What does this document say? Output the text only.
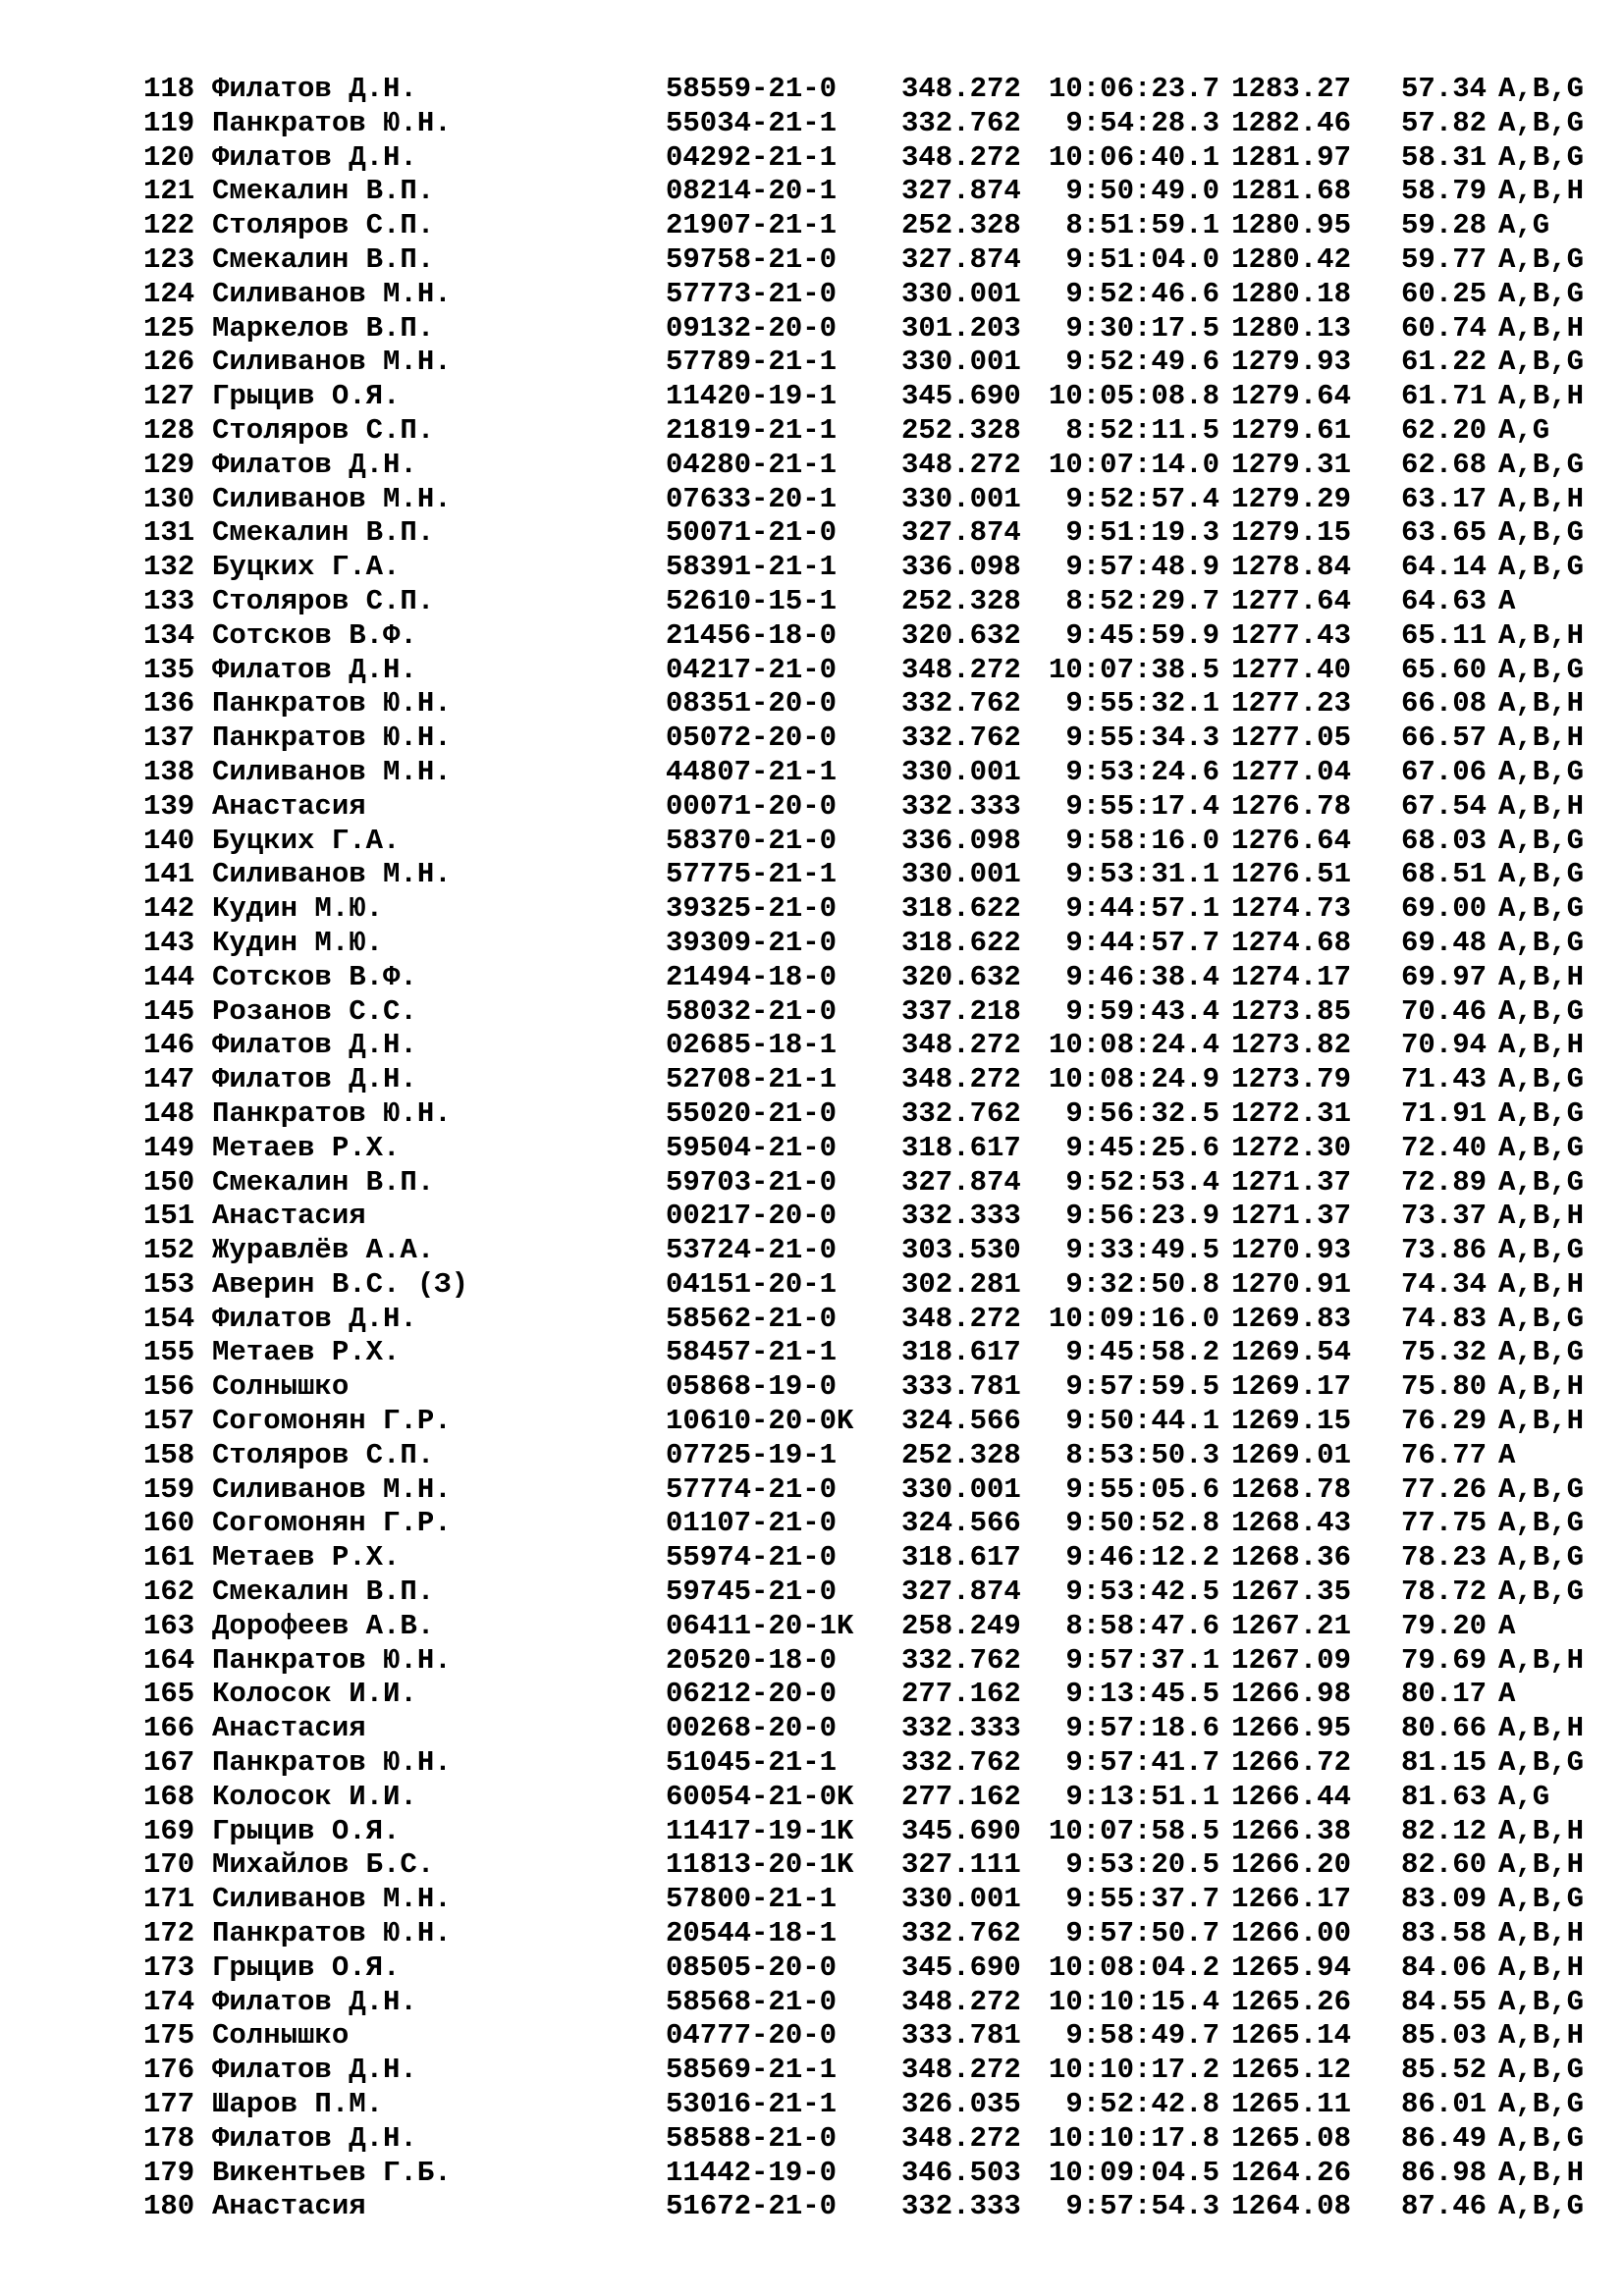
118 Филатов Д.Н.	58559-21-0 348.272 10:06:23.7 1283.27 57.34 A,B,G
119 Панкратов Ю.Н.	55034-21-1 332.762 9:54:28.3 1282.46 57.82 A,B,G
120 Филатов Д.Н.	04292-21-1 348.272 10:06:40.1 1281.97 58.31 A,B,G
121 Смекалин В.П.	08214-20-1 327.874 9:50:49.0 1281.68 58.79 A,B,H
122 Столяров С.П.	21907-21-1 252.328 8:51:59.1 1280.95 59.28 A,G
123 Смекалин В.П.	59758-21-0 327.874 9:51:04.0 1280.42 59.77 A,B,G
124 Силиванов М.Н.	57773-21-0 330.001 9:52:46.6 1280.18 60.25 A,B,G
125 Маркелов В.П.	09132-20-0 301.203 9:30:17.5 1280.13 60.74 A,B,H
126 Силиванов М.Н.	57789-21-1 330.001 9:52:49.6 1279.93 61.22 A,B,G
127 Грыцив О.Я.	11420-19-1 345.690 10:05:08.8 1279.64 61.71 A,B,H
128 Столяров С.П.	21819-21-1 252.328 8:52:11.5 1279.61 62.20 A,G
129 Филатов Д.Н.	04280-21-1 348.272 10:07:14.0 1279.31 62.68 A,B,G
130 Силиванов М.Н.	07633-20-1 330.001 9:52:57.4 1279.29 63.17 A,B,H
131 Смекалин В.П.	50071-21-0 327.874 9:51:19.3 1279.15 63.65 A,B,G
132 Буцких Г.А.	58391-21-1 336.098 9:57:48.9 1278.84 64.14 A,B,G
133 Столяров С.П.	52610-15-1 252.328 8:52:29.7 1277.64 64.63 A
134 Сотсков В.Ф.	21456-18-0 320.632 9:45:59.9 1277.43 65.11 A,B,H
135 Филатов Д.Н.	04217-21-0 348.272 10:07:38.5 1277.40 65.60 A,B,G
136 Панкратов Ю.Н.	08351-20-0 332.762 9:55:32.1 1277.23 66.08 A,B,H
137 Панкратов Ю.Н.	05072-20-0 332.762 9:55:34.3 1277.05 66.57 A,B,H
138 Силиванов М.Н.	44807-21-1 330.001 9:53:24.6 1277.04 67.06 A,B,G
139 Анастасия	00071-20-0 332.333 9:55:17.4 1276.78 67.54 A,B,H
140 Буцких Г.А.	58370-21-0 336.098 9:58:16.0 1276.64 68.03 A,B,G
141 Силиванов М.Н.	57775-21-1 330.001 9:53:31.1 1276.51 68.51 A,B,G
142 Кудин М.Ю.	39325-21-0 318.622 9:44:57.1 1274.73 69.00 A,B,G
143 Кудин М.Ю.	39309-21-0 318.622 9:44:57.7 1274.68 69.48 A,B,G
144 Сотсков В.Ф.	21494-18-0 320.632 9:46:38.4 1274.17 69.97 A,B,H
145 Розанов С.С.	58032-21-0 337.218 9:59:43.4 1273.85 70.46 A,B,G
146 Филатов Д.Н.	02685-18-1 348.272 10:08:24.4 1273.82 70.94 A,B,H
147 Филатов Д.Н.	52708-21-1 348.272 10:08:24.9 1273.79 71.43 A,B,G
148 Панкратов Ю.Н.	55020-21-0 332.762 9:56:32.5 1272.31 71.91 A,B,G
149 Метаев Р.Х.	59504-21-0 318.617 9:45:25.6 1272.30 72.40 A,B,G
150 Смекалин В.П.	59703-21-0 327.874 9:52:53.4 1271.37 72.89 A,B,G
151 Анастасия	00217-20-0 332.333 9:56:23.9 1271.37 73.37 A,B,H
152 Журавлёв А.А.	53724-21-0 303.530 9:33:49.5 1270.93 73.86 A,B,G
153 Аверин В.С. (З)	04151-20-1 302.281 9:32:50.8 1270.91 74.34 A,B,H
154 Филатов Д.Н.	58562-21-0 348.272 10:09:16.0 1269.83 74.83 A,B,G
155 Метаев Р.Х.	58457-21-1 318.617 9:45:58.2 1269.54 75.32 A,B,G
156 Солнышко	05868-19-0 333.781 9:57:59.5 1269.17 75.80 A,B,H
157 Согомонян Г.Р.	10610-20-0K 324.566 9:50:44.1 1269.15 76.29 A,B,H
158 Столяров С.П.	07725-19-1 252.328 8:53:50.3 1269.01 76.77 A
159 Силиванов М.Н.	57774-21-0 330.001 9:55:05.6 1268.78 77.26 A,B,G
160 Согомонян Г.Р.	01107-21-0 324.566 9:50:52.8 1268.43 77.75 A,B,G
161 Метаев Р.Х.	55974-21-0 318.617 9:46:12.2 1268.36 78.23 A,B,G
162 Смекалин В.П.	59745-21-0 327.874 9:53:42.5 1267.35 78.72 A,B,G
163 Дорофеев А.В.	06411-20-1K 258.249 8:58:47.6 1267.21 79.20 A
164 Панкратов Ю.Н.	20520-18-0 332.762 9:57:37.1 1267.09 79.69 A,B,H
165 Колосок И.И.	06212-20-0 277.162 9:13:45.5 1266.98 80.17 A
166 Анастасия	00268-20-0 332.333 9:57:18.6 1266.95 80.66 A,B,H
167 Панкратов Ю.Н.	51045-21-1 332.762 9:57:41.7 1266.72 81.15 A,B,G
168 Колосок И.И.	60054-21-0K 277.162 9:13:51.1 1266.44 81.63 A,G
169 Грыцив О.Я.	11417-19-1K 345.690 10:07:58.5 1266.38 82.12 A,B,H
170 Михайлов Б.С.	11813-20-1K 327.111 9:53:20.5 1266.20 82.60 A,B,H
171 Силиванов М.Н.	57800-21-1 330.001 9:55:37.7 1266.17 83.09 A,B,G
172 Панкратов Ю.Н.	20544-18-1 332.762 9:57:50.7 1266.00 83.58 A,B,H
173 Грыцив О.Я.	08505-20-0 345.690 10:08:04.2 1265.94 84.06 A,B,H
174 Филатов Д.Н.	58568-21-0 348.272 10:10:15.4 1265.26 84.55 A,B,G
175 Солнышко	04777-20-0 333.781 9:58:49.7 1265.14 85.03 A,B,H
176 Филатов Д.Н.	58569-21-1 348.272 10:10:17.2 1265.12 85.52 A,B,G
177 Шаров П.М.	53016-21-1 326.035 9:52:42.8 1265.11 86.01 A,B,G
178 Филатов Д.Н.	58588-21-0 348.272 10:10:17.8 1265.08 86.49 A,B,G
179 Викентьев Г.Б.	11442-19-0 346.503 10:09:04.5 1264.26 86.98 A,B,H
180 Анастасия	51672-21-0 332.333 9:57:54.3 1264.08 87.46 A,B,G
